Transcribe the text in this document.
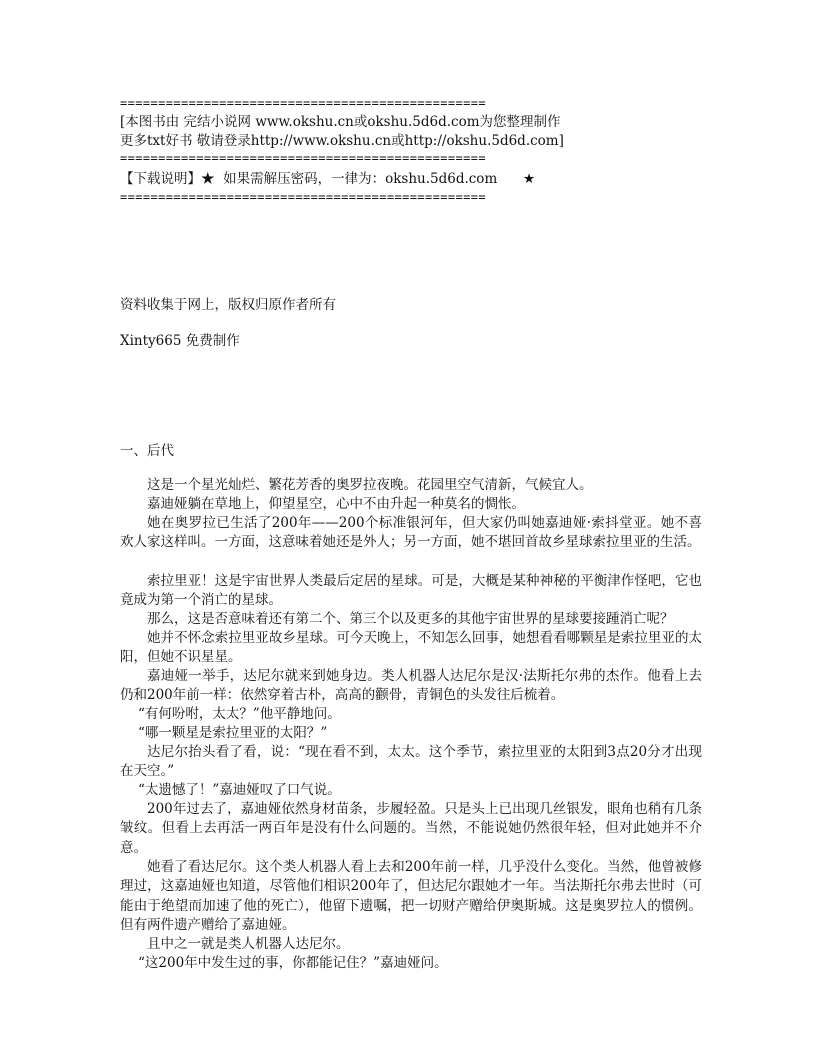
================================================
[本图书由 完结小说网 www.okshu.cn或okshu.5d6d.com为您整理制作
更多txt好书 敬请登录http://www.okshu.cn或http://okshu.5d6d.com]
================================================
【下载说明】★  如果需解压密码，一律为：okshu.5d6d.com      ★
================================================
资料收集于网上，版权归原作者所有
Xinty665 免费制作
一、后代

这是一个星光灿烂、繁花芳香的奥罗拉夜晚。花园里空气清新，气候宜人。

嘉迪娅躺在草地上，仰望星空，心中不由升起一种莫名的惆怅。

她在奥罗拉已生活了200年——200个标准银河年，但大家仍叫她嘉迪娅·索抖堂亚。她不喜欢人家这样叫。一方面，这意味着她还是外人；另一方面，她不堪回首故乡星球索拉里亚的生活。

索拉里亚！这是宇宙世界人类最后定居的星球。可是，大概是某种神秘的平衡津作怪吧，它也竟成为第一个消亡的星球。

那么，这是否意味着还有第二个、第三个以及更多的其他宇宙世界的星球要接踵消亡呢？

她并不怀念索拉里亚故乡星球。可今天晚上，不知怎么回事，她想看看哪颗星是索拉里亚的太阳，但她不识星星。

嘉迪娅一举手，达尼尔就来到她身边。类人机器人达尼尔是汉·法斯托尔弗的杰作。他看上去仍和200年前一样：依然穿着古朴，高高的颧骨，青铜色的头发往后梳着。

“有何吩咐，太太？”他平静地问。

“哪一颗星是索拉里亚的太阳？”

达尼尔抬头看了看，说：“现在看不到，太太。这个季节，索拉里亚的太阳到3点20分才出现在天空。”

“太遗憾了！”嘉迪娅叹了口气说。

200年过去了，嘉迪娅依然身材苗条，步履轻盈。只是头上已出现几丝银发，眼角也稍有几条皱纹。但看上去再活一两百年是没有什么问题的。当然，不能说她仍然很年轻，但对此她并不介意。

她看了看达尼尔。这个类人机器人看上去和200年前一样，几乎没什么变化。当然，他曾被修理过，这嘉迪娅也知道，尽管他们相识200年了，但达尼尔跟她才一年。当法斯托尔弗去世时（可能由于绝望而加速了他的死亡），他留下遗嘱，把一切财产赠给伊奥斯城。这是奥罗拉人的惯例。但有两件遗产赠给了嘉迪娅。

且中之一就是类人机器人达尼尔。

“这200年中发生过的事，你都能记住？”嘉迪娅问。
